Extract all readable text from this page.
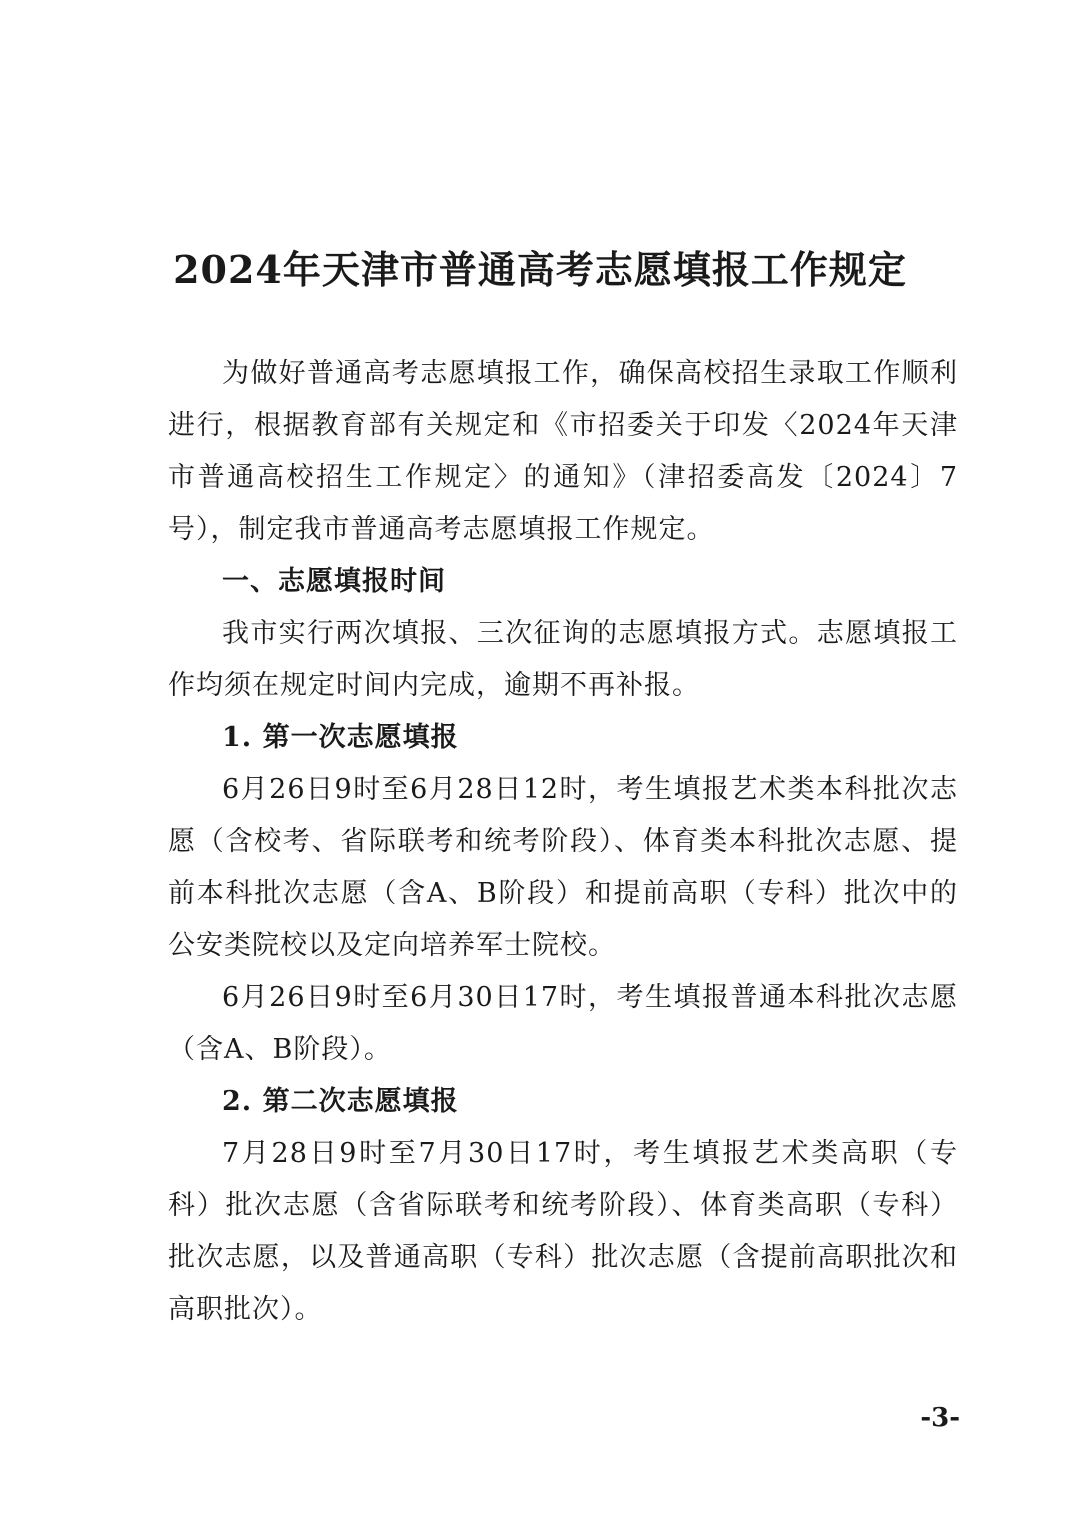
2024年天津市普通高考志愿填报工作规定

为做好普通高考志愿填报工作，确保高校招生录取工作顺利进行，根据教育部有关规定和《市招委关于印发〈2024年天津市普通高校招生工作规定〉的通知》（津招委高发〔2024〕7号），制定我市普通高考志愿填报工作规定。

一、志愿填报时间

我市实行两次填报、三次征询的志愿填报方式。志愿填报工作均须在规定时间内完成，逾期不再补报。

1. 第一次志愿填报

6月26日9时至6月28日12时，考生填报艺术类本科批次志愿（含校考、省际联考和统考阶段）、体育类本科批次志愿、提前本科批次志愿（含A、B阶段）和提前高职（专科）批次中的公安类院校以及定向培养军士院校。

6月26日9时至6月30日17时，考生填报普通本科批次志愿（含A、B阶段）。

2. 第二次志愿填报

7月28日9时至7月30日17时，考生填报艺术类高职（专科）批次志愿（含省际联考和统考阶段）、体育类高职（专科）批次志愿，以及普通高职（专科）批次志愿（含提前高职批次和高职批次）。

-3-
